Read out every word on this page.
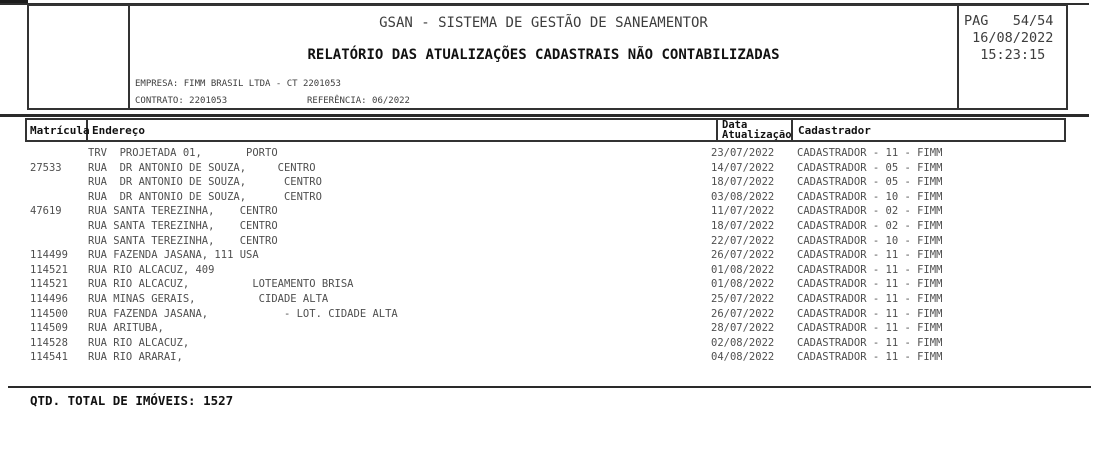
GSAN - SISTEMA DE GESTÃO DE SANEAMENTOR
RELATÓRIO DAS ATUALIZAÇÕES CADASTRAIS NÃO CONTABILIZADAS
EMPRESA: FIMM BRASIL LTDA - CT 2201053
CONTRATO: 2201053	REFERÊNCIA: 06/2022
PAG   54/54
16/08/2022
15:23:15
Matrícula Endereço	Data
Atualização Cadastrador
TRV  PROJETADA 01,       PORTO	23/07/2022 CADASTRADOR - 11 - FIMM
27533	RUA  DR ANTONIO DE SOUZA,     CENTRO	14/07/2022 CADASTRADOR - 05 - FIMM
RUA  DR ANTONIO DE SOUZA,      CENTRO	18/07/2022 CADASTRADOR - 05 - FIMM
RUA  DR ANTONIO DE SOUZA,      CENTRO	03/08/2022 CADASTRADOR - 10 - FIMM
47619	RUA SANTA TEREZINHA,    CENTRO	11/07/2022 CADASTRADOR - 02 - FIMM
RUA SANTA TEREZINHA,    CENTRO	18/07/2022 CADASTRADOR - 02 - FIMM
RUA SANTA TEREZINHA,    CENTRO	22/07/2022 CADASTRADOR - 10 - FIMM
114499 RUA FAZENDA JASANA, 111 USA	26/07/2022 CADASTRADOR - 11 - FIMM
114521 RUA RIO ALCACUZ, 409	01/08/2022 CADASTRADOR - 11 - FIMM
114521 RUA RIO ALCACUZ,          LOTEAMENTO BRISA	01/08/2022 CADASTRADOR - 11 - FIMM
114496 RUA MINAS GERAIS,          CIDADE ALTA	25/07/2022 CADASTRADOR - 11 - FIMM
114500 RUA FAZENDA JASANA,            - LOT. CIDADE ALTA	26/07/2022 CADASTRADOR - 11 - FIMM
114509 RUA ARITUBA,	28/07/2022 CADASTRADOR - 11 - FIMM
114528 RUA RIO ALCACUZ,	02/08/2022 CADASTRADOR - 11 - FIMM
114541 RUA RIO ARARAI,	04/08/2022 CADASTRADOR - 11 - FIMM
QTD. TOTAL DE IMÓVEIS: 1527
